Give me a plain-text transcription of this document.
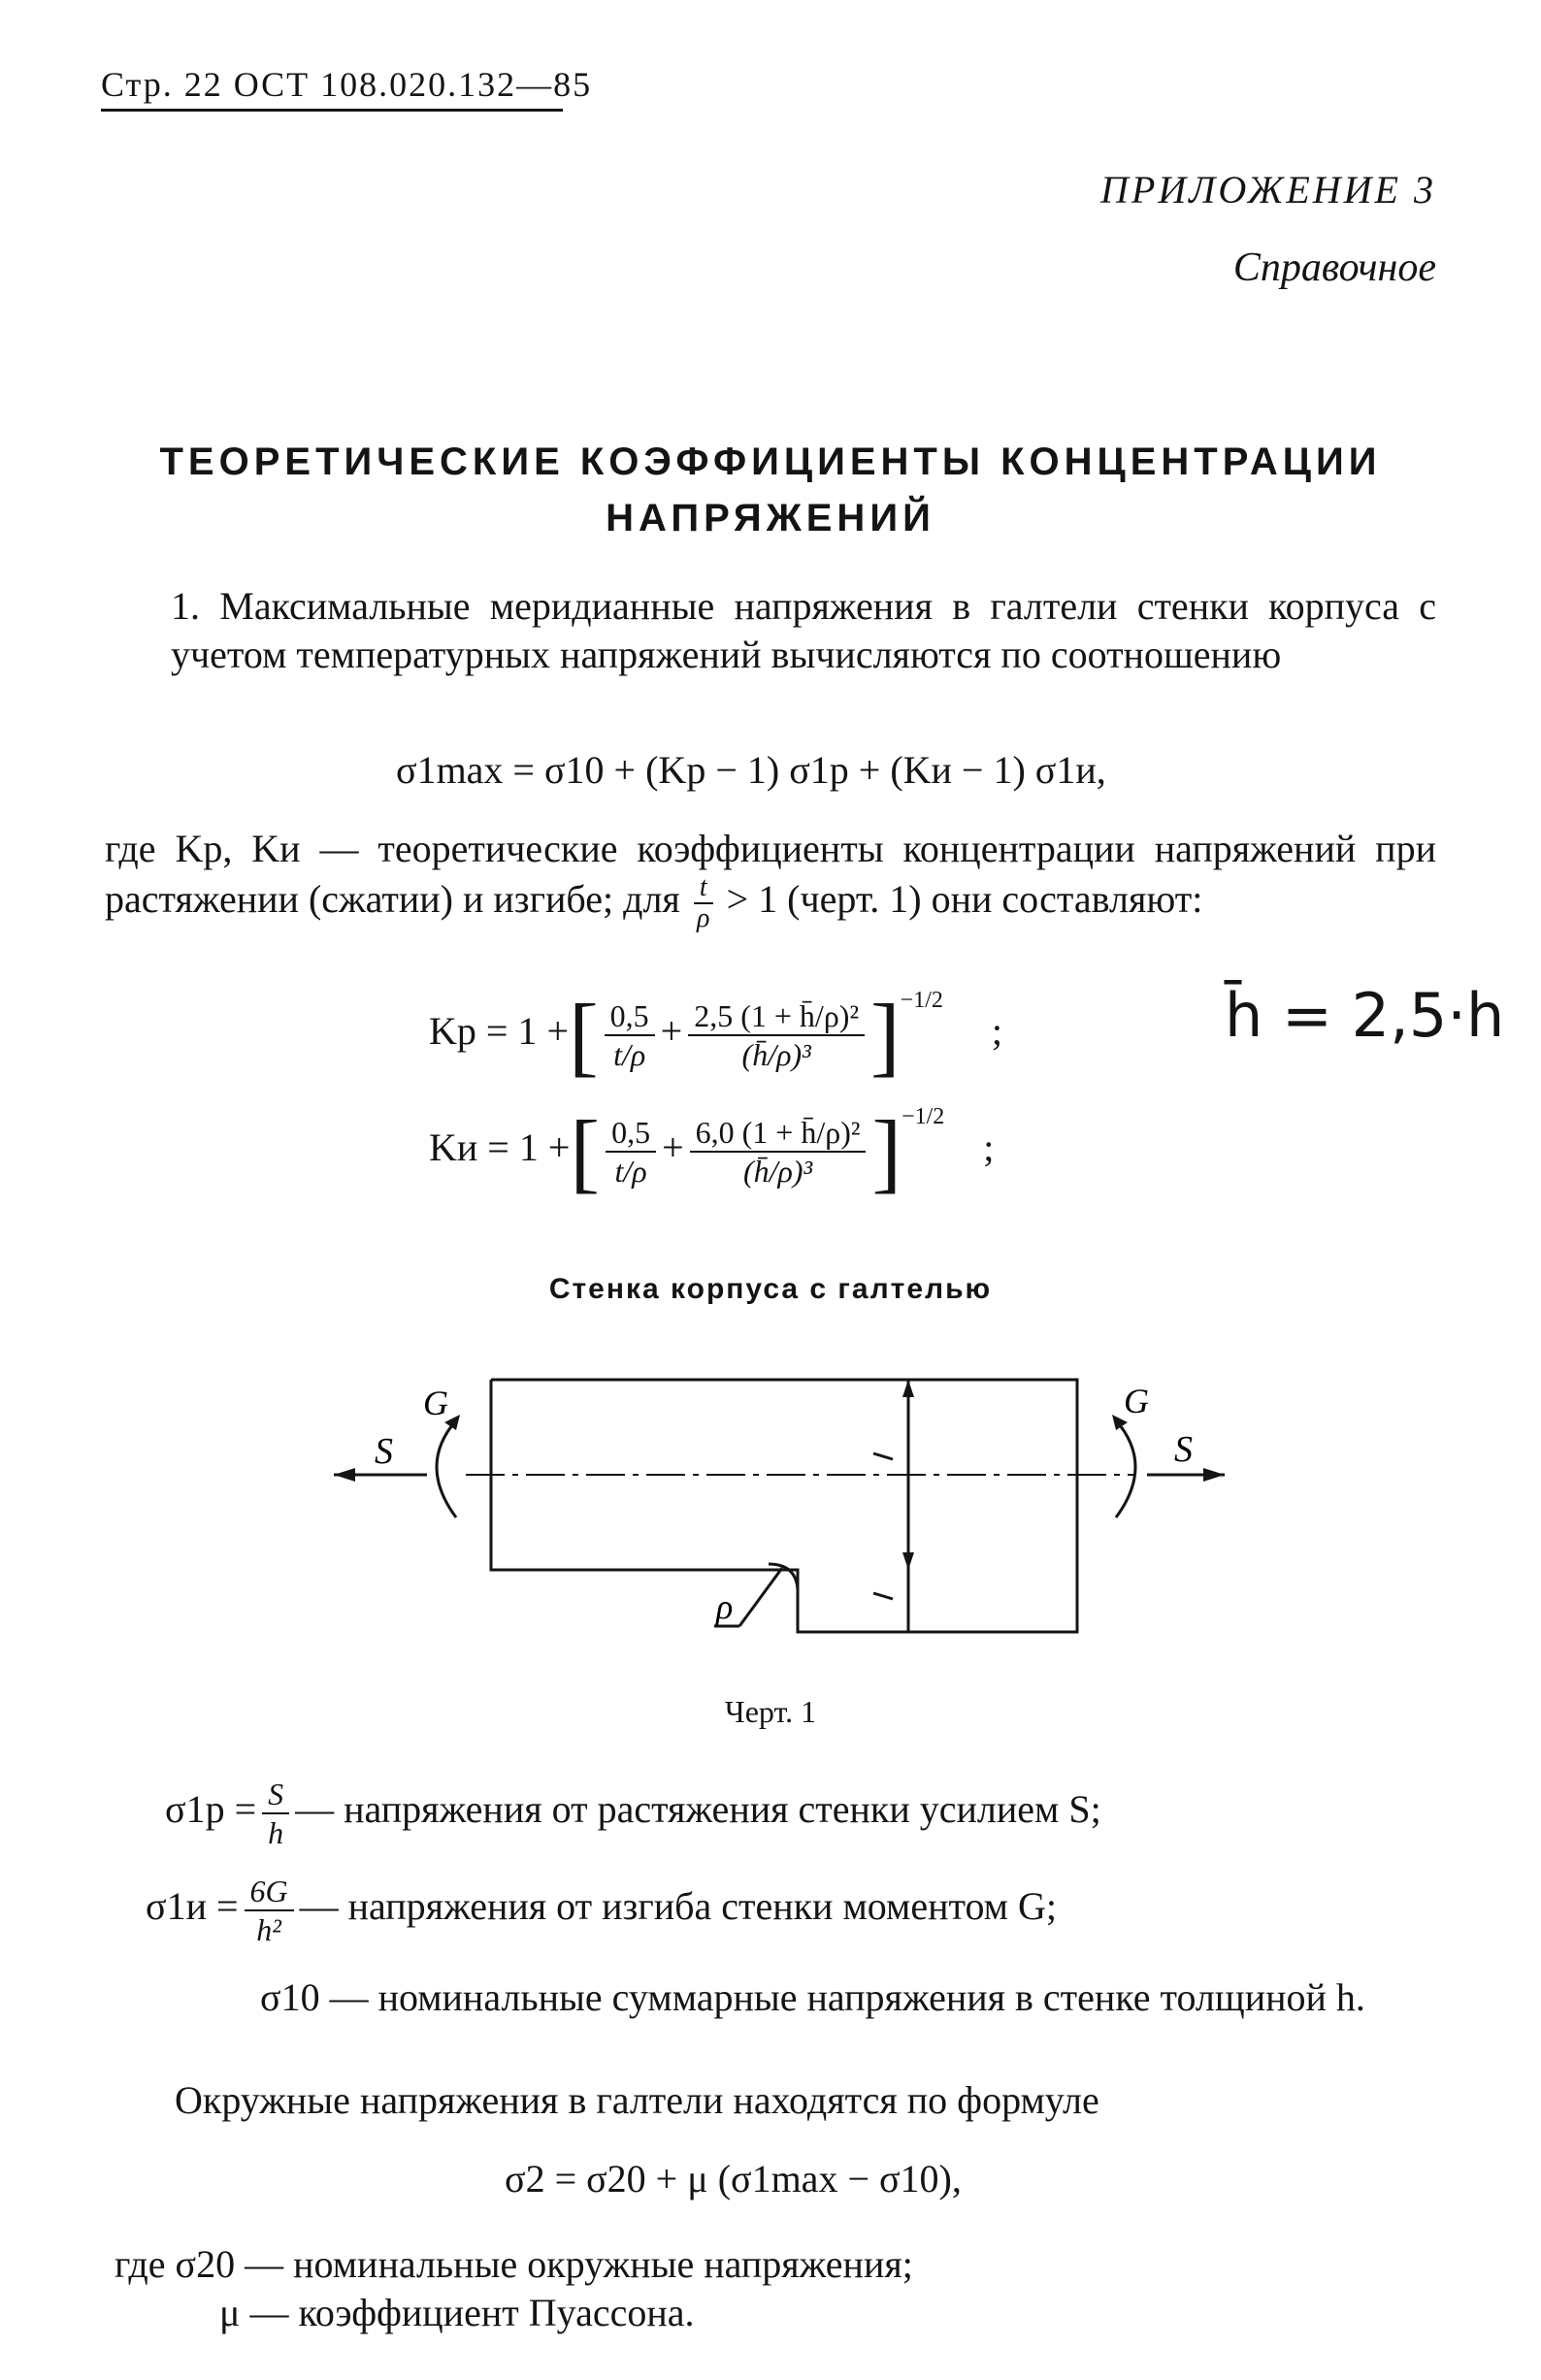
Стр. 22 ОСТ 108.020.132—85
ПРИЛОЖЕНИЕ 3
Справочное
ТЕОРЕТИЧЕСКИЕ КОЭФФИЦИЕНТЫ КОНЦЕНТРАЦИИ
НАПРЯЖЕНИЙ
1. Максимальные меридианные напряжения в галтели стенки корпуса с учетом температурных напряжений вычисляются по соотношению
σ1max = σ10 + (Kр − 1) σ1р + (Kи − 1) σ1и,
где Kр, Kи — теоретические коэффициенты концентрации напряжений при растяжении (сжатии) и изгибе; для $\frac{t}{\rho} > 1$ (черт. 1) они составляют:
Kр = 1 +[ $\frac{0,5}{t/\rho} + \frac{\text{2,5 (1 + h̄/ρ)²}}{\text{(h̄/ρ)³}} ]^{-1/2}$ ;	h̄ = 2,5·h
Kи = 1 +[ $\frac{0,5}{t/\rho} + \frac{\text{6,0 (1 + h̄/ρ)²}}{\text{(h̄/ρ)³}} ]^{-1/2}$ ;
Стенка корпуса с галтелью
S	S
G	G
ρ
Черт. 1
$\sigma 1р = \frac{S}{h}$ — напряжения от растяжения стенки усилием S;
$\sigma 1и = \frac{6G}{\text{h²}}$ — напряжения от изгиба стенки моментом G;
σ10 — номинальные суммарные напряжения в стенке толщиной h.
Окружные напряжения в галтели находятся по формуле
σ2 = σ20 + μ (σ1max − σ10),
где σ20 — номинальные окружные напряжения;
μ — коэффициент Пуассона.
